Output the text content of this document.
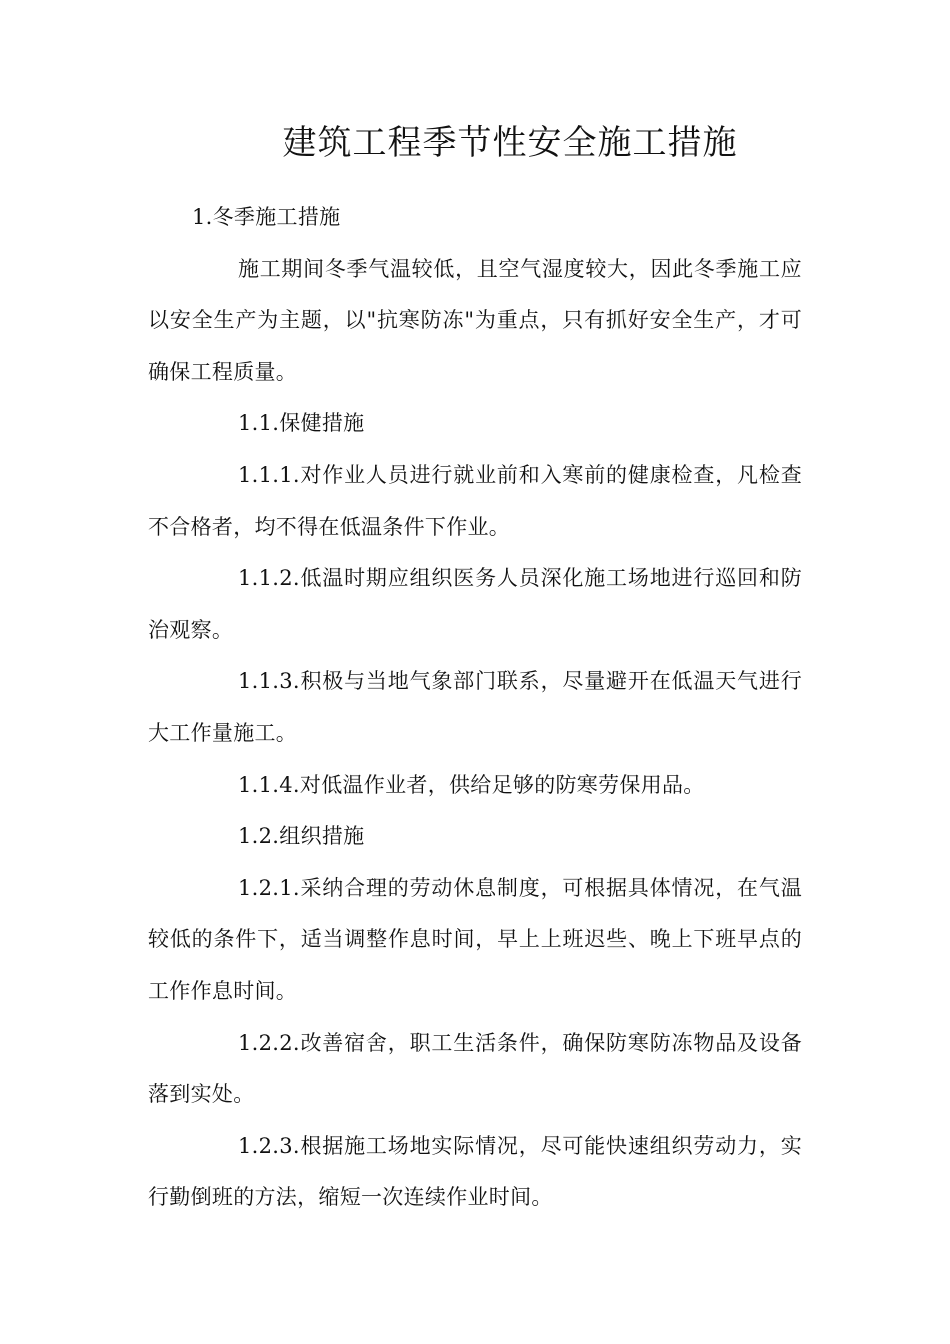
建筑工程季节性安全施工措施

1.冬季施工措施

施工期间冬季气温较低，且空气湿度较大，因此冬季施工应以安全生产为主题，以"抗寒防冻"为重点，只有抓好安全生产，才可确保工程质量。

1.1.保健措施

1.1.1.对作业人员进行就业前和入寒前的健康检查，凡检查不合格者，均不得在低温条件下作业。

1.1.2.低温时期应组织医务人员深化施工场地进行巡回和防治观察。

1.1.3.积极与当地气象部门联系，尽量避开在低温天气进行大工作量施工。

1.1.4.对低温作业者，供给足够的防寒劳保用品。

1.2.组织措施

1.2.1.采纳合理的劳动休息制度，可根据具体情况，在气温较低的条件下，适当调整作息时间，早上上班迟些、晚上下班早点的工作作息时间。

1.2.2.改善宿舍，职工生活条件，确保防寒防冻物品及设备落到实处。

1.2.3.根据施工场地实际情况，尽可能快速组织劳动力，实行勤倒班的方法，缩短一次连续作业时间。
